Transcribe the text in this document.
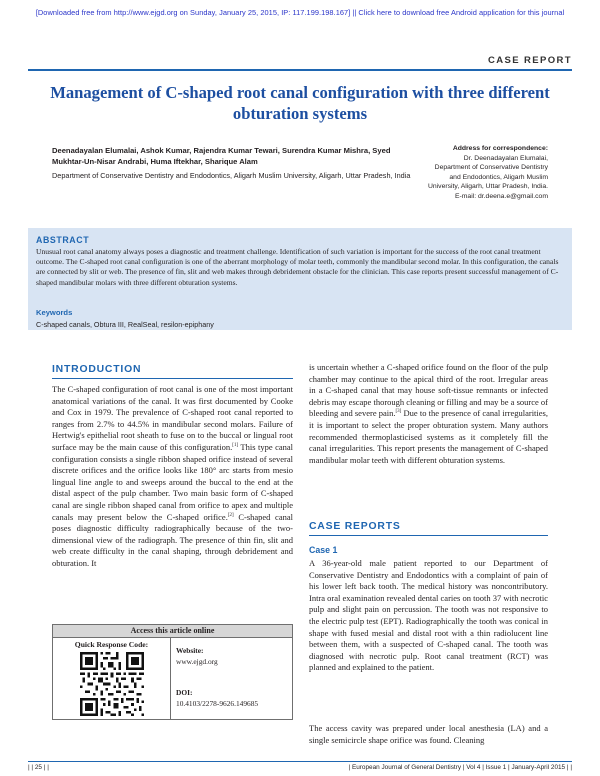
[Downloaded free from http://www.ejgd.org on Sunday, January 25, 2015, IP: 117.199.198.167] || Click here to download free Android application for this journal
CASE REPORT
Management of C-shaped root canal configuration with three different obturation systems
Deenadayalan Elumalai, Ashok Kumar, Rajendra Kumar Tewari, Surendra Kumar Mishra, Syed Mukhtar-Un-Nisar Andrabi, Huma Iftekhar, Sharique Alam
Department of Conservative Dentistry and Endodontics, Aligarh Muslim University, Aligarh, Uttar Pradesh, India
Address for correspondence:
Dr. Deenadayalan Elumalai,
Department of Conservative Dentistry
and Endodontics, Aligarh Muslim
University, Aligarh, Uttar Pradesh, India.
E-mail: dr.deena.e@gmail.com
ABSTRACT
Unusual root canal anatomy always poses a diagnostic and treatment challenge. Identification of such variation is important for the success of the root canal treatment outcome. The C-shaped root canal configuration is one of the aberrant morphology of molar teeth, commonly the mandibular second molar. In this configuration, the canals are connected by slit or web. The presence of fin, slit and web makes through debridement obstacle for the clinician. This case reports present successful management of C-shaped mandibular molars with three different obturation systems.
Keywords
C-shaped canals, Obtura III, RealSeal, resilon-epiphany
INTRODUCTION
The C-shaped configuration of root canal is one of the most important anatomical variations of the canal. It was first documented by Cooke and Cox in 1979. The prevalence of C-shaped root canal reported to ranges from 2.7% to 44.5% in mandibular second molars. Failure of Hertwig's epithelial root sheath to fuse on to the buccal or lingual root surface may be the main cause of this configuration.[1] This type canal configuration consists a single ribbon shaped orifice instead of several discrete orifices and the orifice looks like 180° arc starts from mesio lingual line angle to and sweeps around the buccal to the end at the distal aspect of the pulp chamber. Two main basic form of C-shaped canal are single ribbon shaped canal from orifice to apex and multiple canals may present below the C-shaped orifice.[2] C-shaped canal poses diagnostic difficulty radiographically because of the two-dimensional view of the radiograph. The presence of thin fin, slit and web create difficulty in the canal shaping, through debridement and obturation. It
is uncertain whether a C-shaped orifice found on the floor of the pulp chamber may continue to the apical third of the root. Irregular areas in a C-shaped canal that may house soft-tissue remnants or infected debris may escape thorough cleaning or filling and may be a source of bleeding and severe pain.[3] Due to the presence of canal irregularities, it is important to select the proper obturation system. Many authors recommended thermoplasticised systems as it completely fill the canal irregularities. This report presents the management of C-shaped mandibular molar teeth with different obturation systems.
CASE REPORTS
Case 1
A 36-year-old male patient reported to our Department of Conservative Dentistry and Endodontics with a complaint of pain of his lower left back tooth. The medical history was noncontributory. Intra oral examination revealed dental caries on tooth 37 with necrotic pulp and slight pain on percussion. The tooth was not responsive to the electric pulp test (EPT). Radiographically the tooth was conical in shape with fused mesial and distal root with a thin radiolucent line between them, with a suspected of C-shaped canal. The tooth was diagnosed with necrotic pulp. Root canal treatment (RCT) was planned and explained to the patient.
The access cavity was prepared under local anesthesia (LA) and a single semicircle shape orifice was found. Cleaning
Access this article online
Quick Response Code:
Website:
www.ejgd.org
DOI:
10.4103/2278-9626.149685
| | 25 | |	| European Journal of General Dentistry | Vol 4 | Issue 1 | January-April 2015 | |
